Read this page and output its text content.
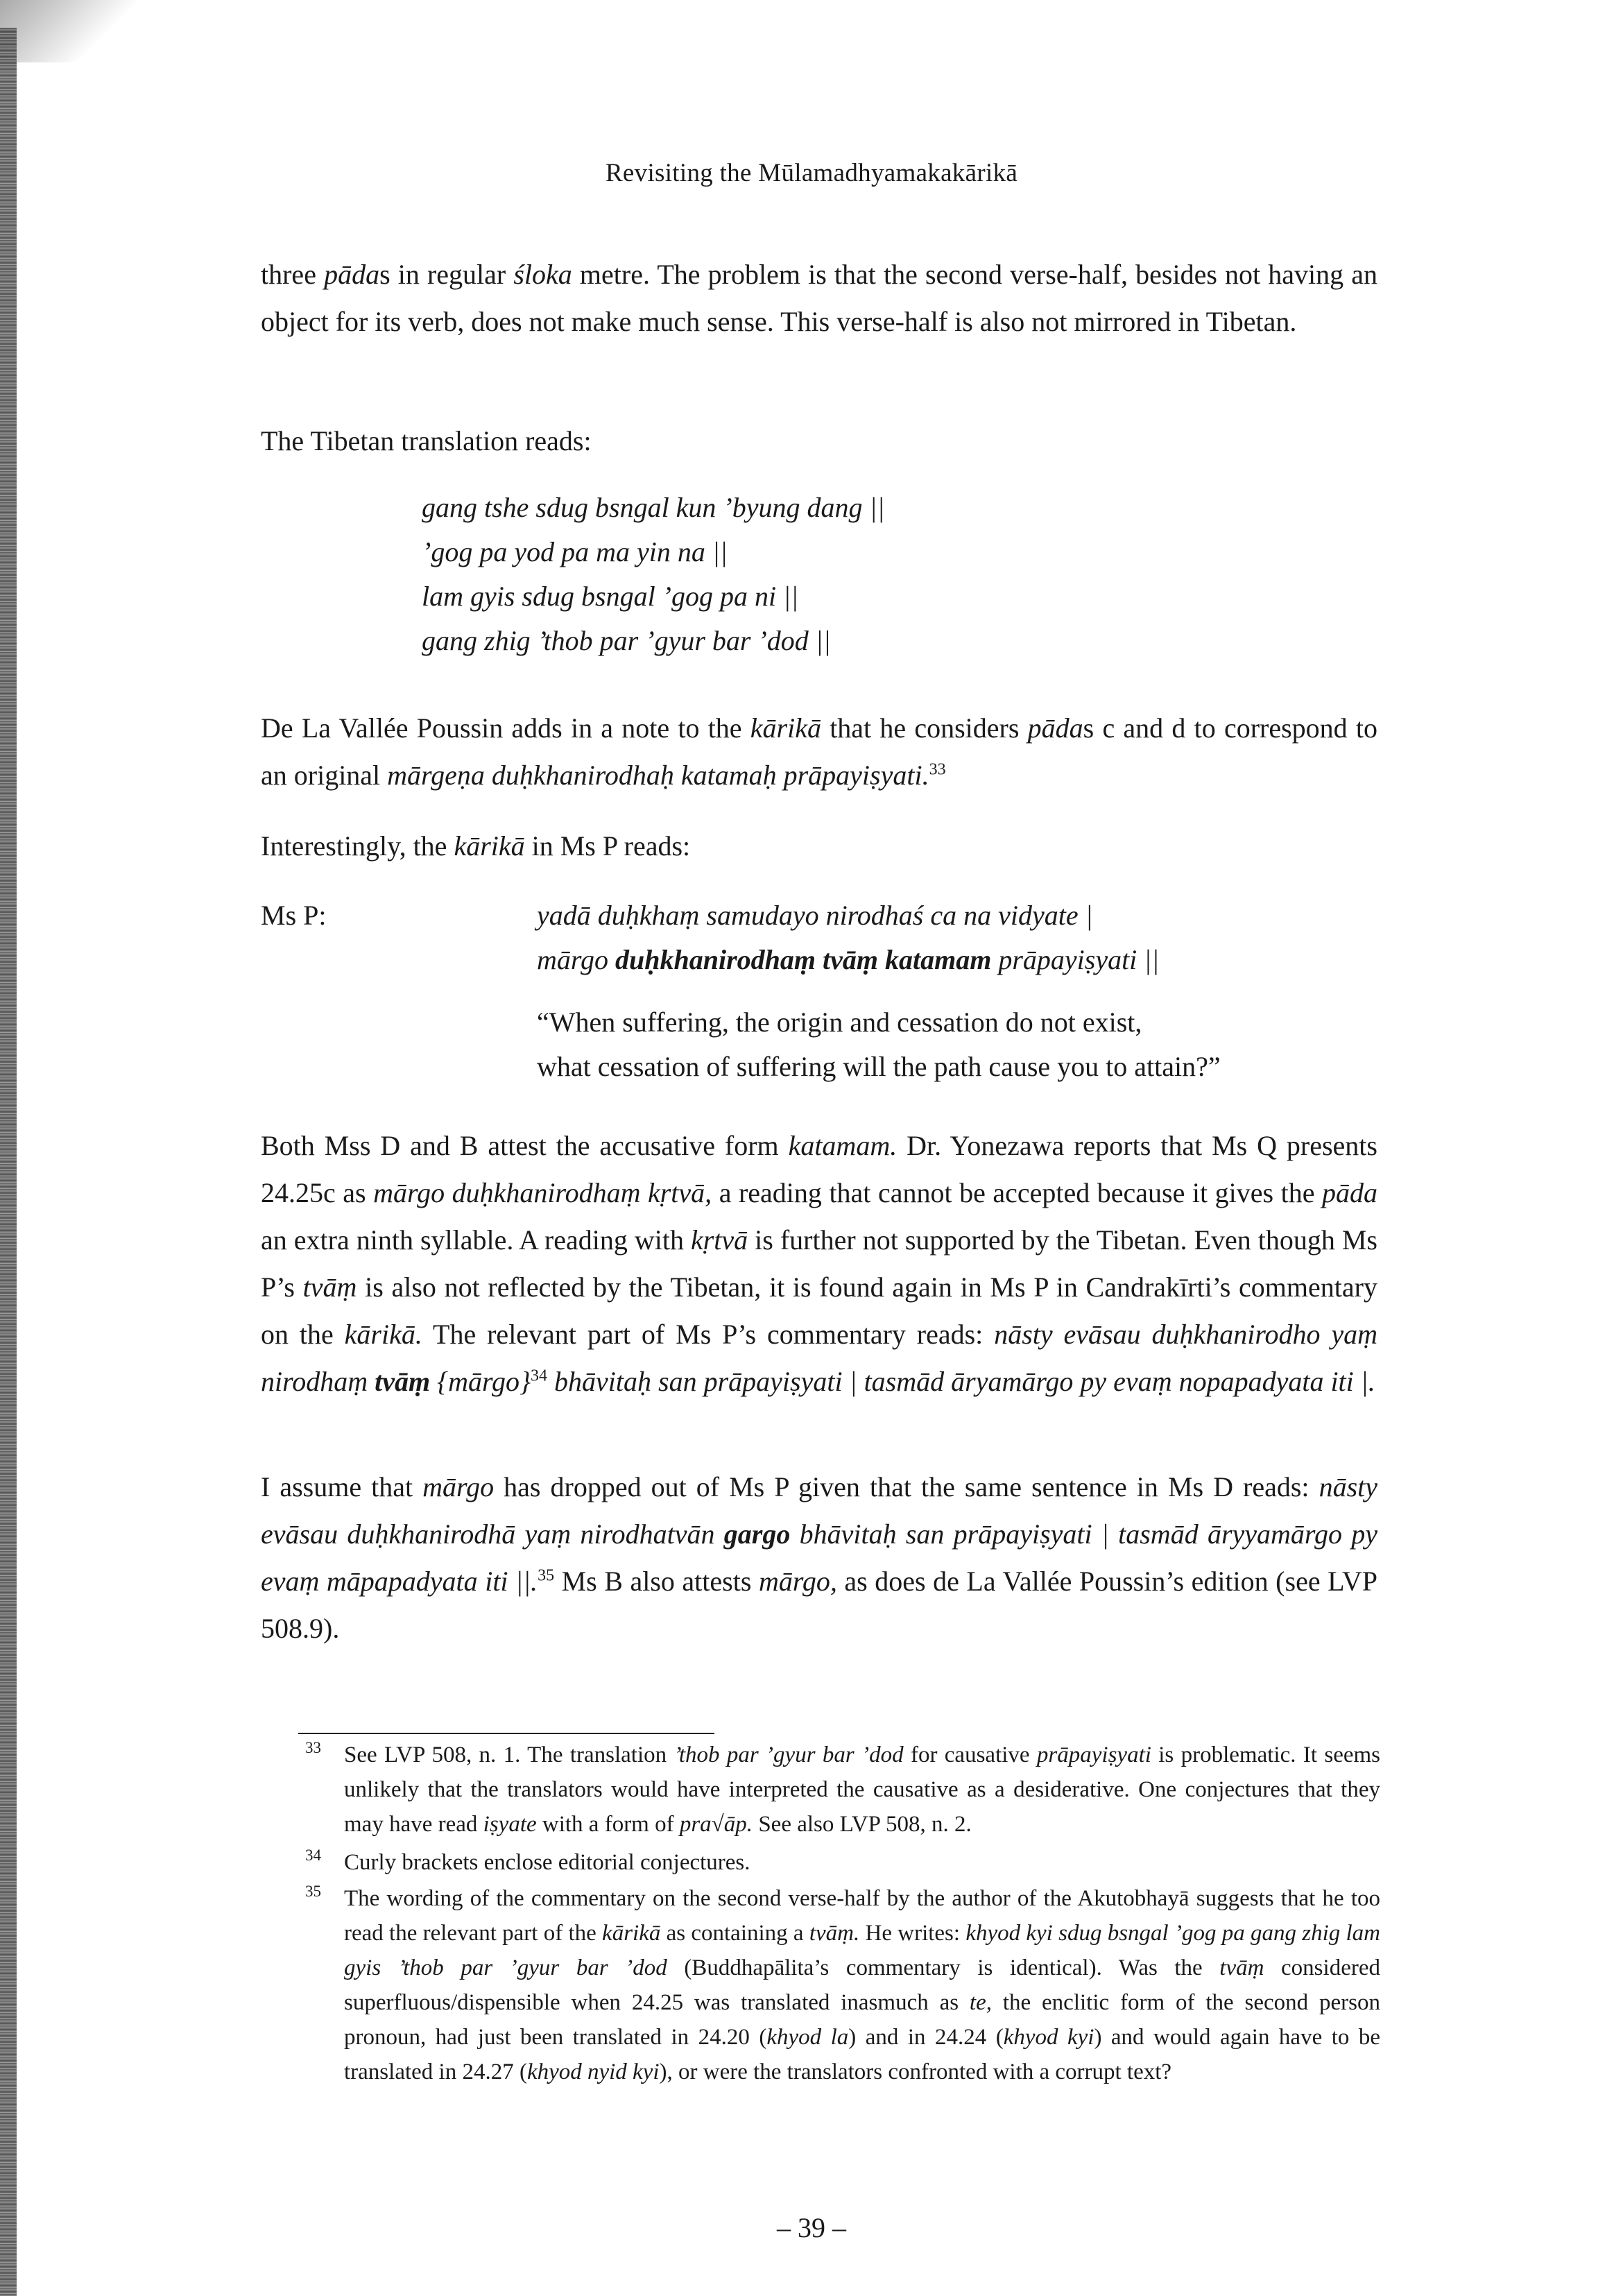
Revisiting the Mūlamadhyamakakārikā

three pādas in regular śloka metre. The problem is that the second verse-half, besides not having an object for its verb, does not make much sense. This verse-half is also not mirrored in Tibetan.

The Tibetan translation reads:

gang tshe sdug bsngal kun ’byung dang ||
’gog pa yod pa ma yin na ||
lam gyis sdug bsngal ’gog pa ni ||
gang zhig ’thob par ’gyur bar ’dod ||

De La Vallée Poussin adds in a note to the kārikā that he considers pādas c and d to correspond to an original mārgeṇa duḥkhanirodhaḥ katamaḥ prāpayiṣyati.$^{33}$

Interestingly, the kārikā in Ms P reads:

Ms P:	yadā duḥkhaṃ samudayo nirodhaś ca na vidyate |
mārgo duḥkhanirodhaṃ tvāṃ katamam prāpayiṣyati ||
“When suffering, the origin and cessation do not exist,
what cessation of suffering will the path cause you to attain?”

Both Mss D and B attest the accusative form katamam. Dr. Yonezawa reports that Ms Q presents 24.25c as mārgo duḥkhanirodhaṃ kṛtvā, a reading that cannot be accepted because it gives the pāda an extra ninth syllable. A reading with kṛtvā is further not supported by the Tibetan. Even though Ms P’s tvāṃ is also not reflected by the Tibetan, it is found again in Ms P in Candrakīrti’s commentary on the kārikā. The relevant part of Ms P’s commentary reads: nāsty evāsau duḥkhanirodho yaṃ nirodhaṃ tvāṃ {mārgo}$^{34}$ bhāvitaḥ san prāpayiṣyati | tasmād āryamārgo py evaṃ nopapadyata iti |.

I assume that mārgo has dropped out of Ms P given that the same sentence in Ms D reads: nāsty evāsau duḥkhanirodhā yaṃ nirodhatvān gargo bhāvitaḥ san prāpayiṣyati | tasmād āryyamārgo py evaṃ māpapadyata iti ||.$^{35}$ Ms B also attests mārgo, as does de La Vallée Poussin’s edition (see LVP 508.9).

33	See LVP 508, n. 1. The translation ’thob par ’gyur bar ’dod for causative prāpayiṣyati is problematic. It seems unlikely that the translators would have interpreted the causative as a desiderative. One conjectures that they may have read iṣyate with a form of pra√āp. See also LVP 508, n. 2.

34	Curly brackets enclose editorial conjectures.

35	The wording of the commentary on the second verse-half by the author of the Akutobhayā suggests that he too read the relevant part of the kārikā as containing a tvāṃ. He writes: khyod kyi sdug bsngal ’gog pa gang zhig lam gyis ’thob par ’gyur bar ’dod (Buddhapālita’s commentary is identical). Was the tvāṃ considered superfluous/dispensible when 24.25 was translated inasmuch as te, the enclitic form of the second person pronoun, had just been translated in 24.20 (khyod la) and in 24.24 (khyod kyi) and would again have to be translated in 24.27 (khyod nyid kyi), or were the translators confronted with a corrupt text?

– 39 –
